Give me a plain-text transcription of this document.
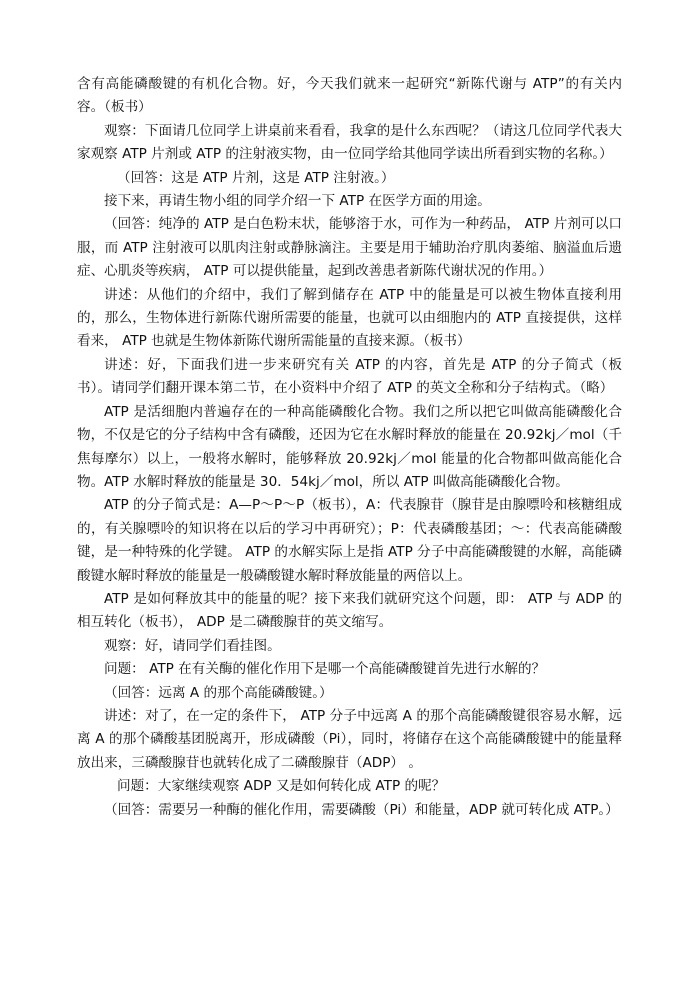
含有高能磷酸键的有机化合物。好，今天我们就来一起研究“新陈代谢与 ATP”的有关内容。（板书）

观察：下面请几位同学上讲桌前来看看，我拿的是什么东西呢？（请这几位同学代表大家观察 ATP 片剂或 ATP 的注射液实物，由一位同学给其他同学读出所看到实物的名称。）

（回答：这是 ATP 片剂，这是 ATP 注射液。）

接下来，再请生物小组的同学介绍一下 ATP 在医学方面的用途。

（回答：纯净的 ATP 是白色粉末状，能够溶于水，可作为一种药品， ATP 片剂可以口服，而 ATP 注射液可以肌肉注射或静脉滴注。主要是用于辅助治疗肌肉萎缩、脑溢血后遗症、心肌炎等疾病， ATP 可以提供能量，起到改善患者新陈代谢状况的作用。）

讲述：从他们的介绍中，我们了解到储存在 ATP 中的能量是可以被生物体直接利用的，那么，生物体进行新陈代谢所需要的能量，也就可以由细胞内的 ATP 直接提供，这样看来， ATP 也就是生物体新陈代谢所需能量的直接来源。（板书）

讲述：好，下面我们进一步来研究有关 ATP 的内容，首先是 ATP 的分子简式（板书）。请同学们翻开课本第二节，在小资料中介绍了 ATP 的英文全称和分子结构式。（略）

ATP 是活细胞内普遍存在的一种高能磷酸化合物。我们之所以把它叫做高能磷酸化合物，不仅是它的分子结构中含有磷酸，还因为它在水解时释放的能量在 20.92kj／mol（千焦每摩尔）以上，一般将水解时，能够释放 20.92kj／mol 能量的化合物都叫做高能化合物。ATP 水解时释放的能量是 30．54kj／mol，所以 ATP 叫做高能磷酸化合物。

ATP 的分子简式是：A—P～P～P（板书），A：代表腺苷（腺苷是由腺嘌呤和核糖组成的，有关腺嘌呤的知识将在以后的学习中再研究）；P：代表磷酸基团；～：代表高能磷酸键，是一种特殊的化学键。 ATP 的水解实际上是指 ATP 分子中高能磷酸键的水解，高能磷酸键水解时释放的能量是一般磷酸键水解时释放能量的两倍以上。

ATP 是如何释放其中的能量的呢？接下来我们就研究这个问题，即： ATP 与 ADP 的相互转化（板书）， ADP 是二磷酸腺苷的英文缩写。

观察：好，请同学们看挂图。

问题： ATP 在有关酶的催化作用下是哪一个高能磷酸键首先进行水解的？

（回答：远离 A 的那个高能磷酸键。）

讲述：对了，在一定的条件下， ATP 分子中远离 A 的那个高能磷酸键很容易水解，远离 A 的那个磷酸基团脱离开，形成磷酸（Pi），同时，将储存在这个高能磷酸键中的能量释放出来，三磷酸腺苷也就转化成了二磷酸腺苷（ADP） 。

问题：大家继续观察 ADP 又是如何转化成 ATP 的呢？

（回答：需要另一种酶的催化作用，需要磷酸（Pi）和能量，ADP 就可转化成 ATP。）
